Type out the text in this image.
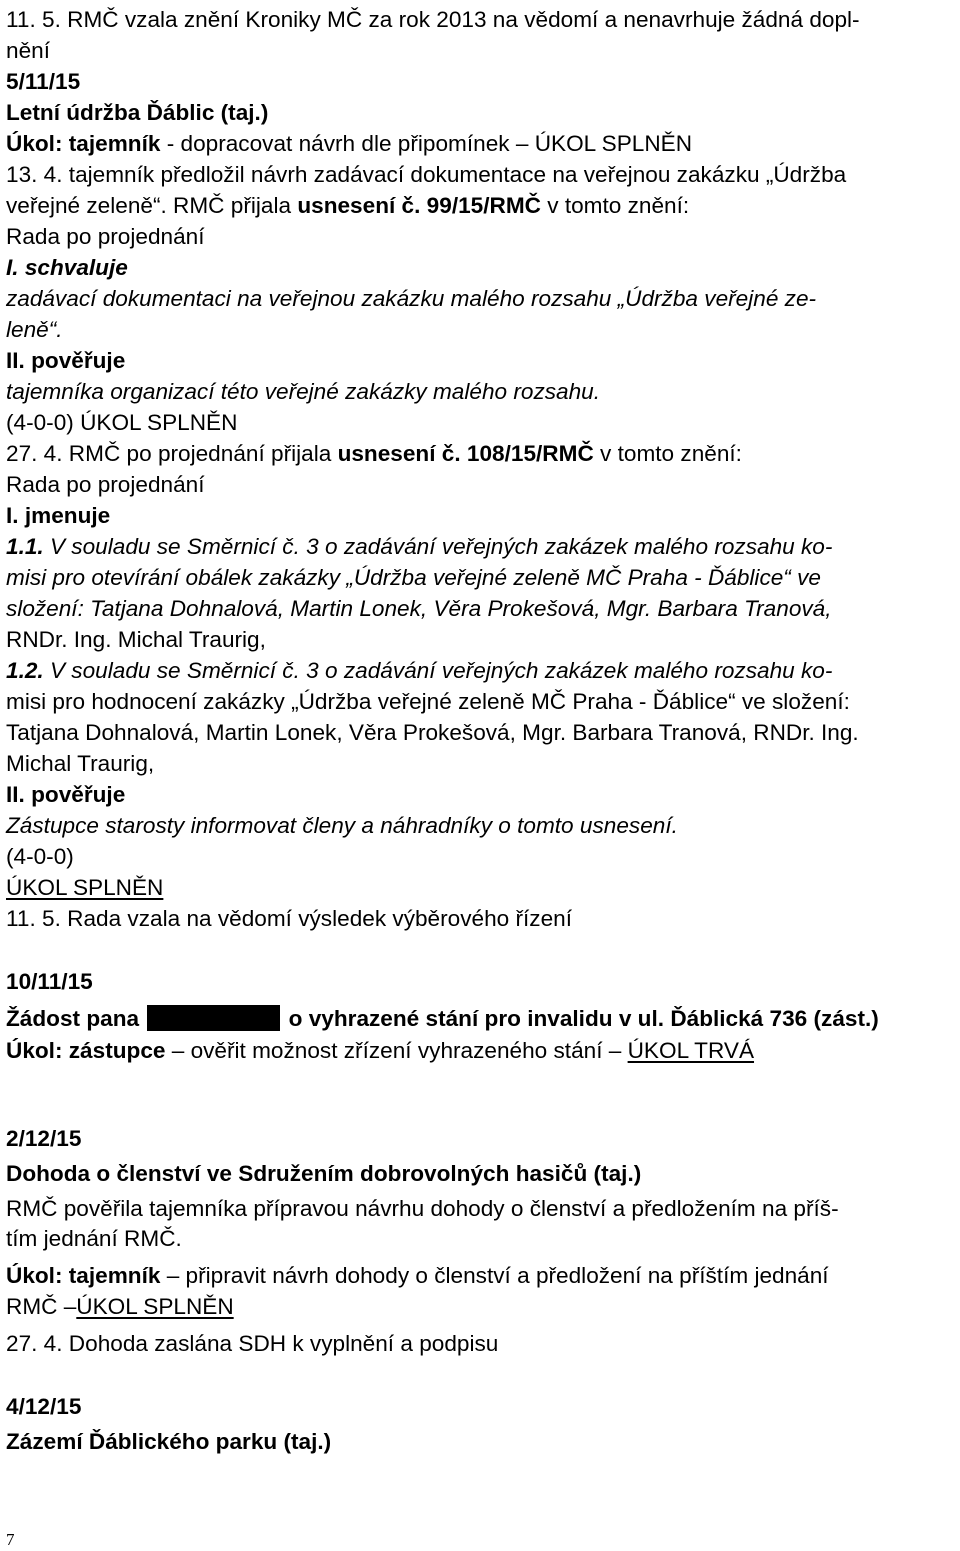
11. 5. RMČ vzala znění Kroniky MČ za rok 2013 na vědomí a nenavrhuje žádná dopl-
nění
5/11/15
Letní údržba Ďáblic (taj.)
Úkol: tajemník - dopracovat návrh dle připomínek – ÚKOL SPLNĚN
13. 4. tajemník předložil návrh zadávací dokumentace na veřejnou zakázku „Údržba
veřejné zeleně“. RMČ přijala usnesení č. 99/15/RMČ v tomto znění:
Rada po projednání
I. schvaluje
zadávací dokumentaci na veřejnou zakázku malého rozsahu „Údržba veřejné ze-
leně“.
II. pověřuje
tajemníka organizací této veřejné zakázky malého rozsahu.
(4-0-0) ÚKOL SPLNĚN
27. 4. RMČ po projednání přijala usnesení č. 108/15/RMČ v tomto znění:
Rada po projednání
I. jmenuje
1.1. V souladu se Směrnicí č. 3 o zadávání veřejných zakázek malého rozsahu ko-
misi pro otevírání obálek zakázky „Údržba veřejné zeleně MČ Praha - Ďáblice“ ve
složení: Tatjana Dohnalová, Martin Lonek, Věra Prokešová, Mgr. Barbara Tranová,
RNDr. Ing. Michal Traurig,
1.2. V souladu se Směrnicí č. 3 o zadávání veřejných zakázek malého rozsahu ko-
misi pro hodnocení zakázky „Údržba veřejné zeleně MČ Praha - Ďáblice“ ve složení:
Tatjana Dohnalová, Martin Lonek, Věra Prokešová, Mgr. Barbara Tranová, RNDr. Ing.
Michal Traurig,
II. pověřuje
Zástupce starosty informovat členy a náhradníky o tomto usnesení.
(4-0-0)
ÚKOL SPLNĚN
11. 5. Rada vzala na vědomí výsledek výběrového řízení
10/11/15
Žádost pana	o vyhrazené stání pro invalidu v ul. Ďáblická 736 (zást.)
Úkol: zástupce – ověřit možnost zřízení vyhrazeného stání – ÚKOL TRVÁ
2/12/15
Dohoda o členství ve Sdružením dobrovolných hasičů (taj.)
RMČ pověřila tajemníka přípravou návrhu dohody o členství a předložením na příš-
tím jednání RMČ.
Úkol: tajemník – připravit návrh dohody o členství a předložení na příštím jednání
RMČ –ÚKOL SPLNĚN
27. 4. Dohoda zaslána SDH k vyplnění a podpisu
4/12/15
Zázemí Ďáblického parku (taj.)
7
